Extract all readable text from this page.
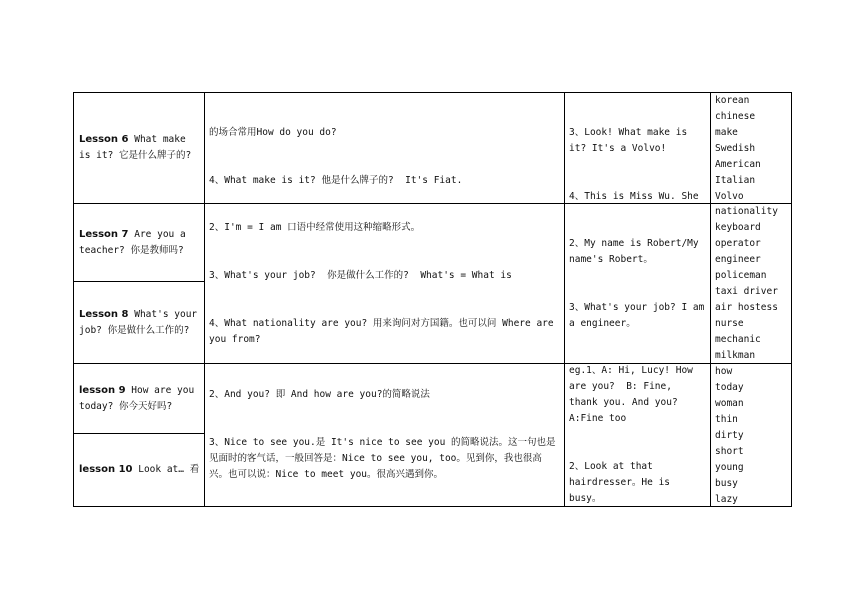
Lesson 6 What make is it? 它是什么牌子的?

的场合常用How do you do?

4、What make is it? 他是什么牌子的?  It's Fiat.

3、Look! What make is it? It's a Volvo!

4、This is Miss Wu. She

korean
chinese
make
Swedish
American
Italian
Volvo
Lesson 7 Are you a teacher? 你是教师吗?
Lesson 8 What's your job? 你是做什么工作的?

2、I'm = I am 口语中经常使用这种缩略形式。

3、What's your job?  你是做什么工作的?  What's = What is

4、What nationality are you? 用来询问对方国籍。也可以问 Where are you from?

2、My name is Robert/My name's Robert。

3、What's your job? I am a engineer。

nationality
keyboard
operator
engineer
policeman
taxi driver
air hostess
nurse
mechanic
milkman
lesson 9 How are you today? 你今天好吗?
lesson 10 Look at… 看

2、And you? 即 And how are you?的简略说法

3、Nice to see you.是 It's nice to see you 的简略说法。这一句也是见面时的客气话，一般回答是：Nice to see you, too。见到你，我也很高兴。也可以说：Nice to meet you。很高兴遇到你。

eg.1、A: Hi, Lucy! How are you?  B: Fine, thank you. And you?  A:Fine too

2、Look at that hairdresser。He is busy。

how
today
woman
thin
dirty
short
young
busy
lazy
